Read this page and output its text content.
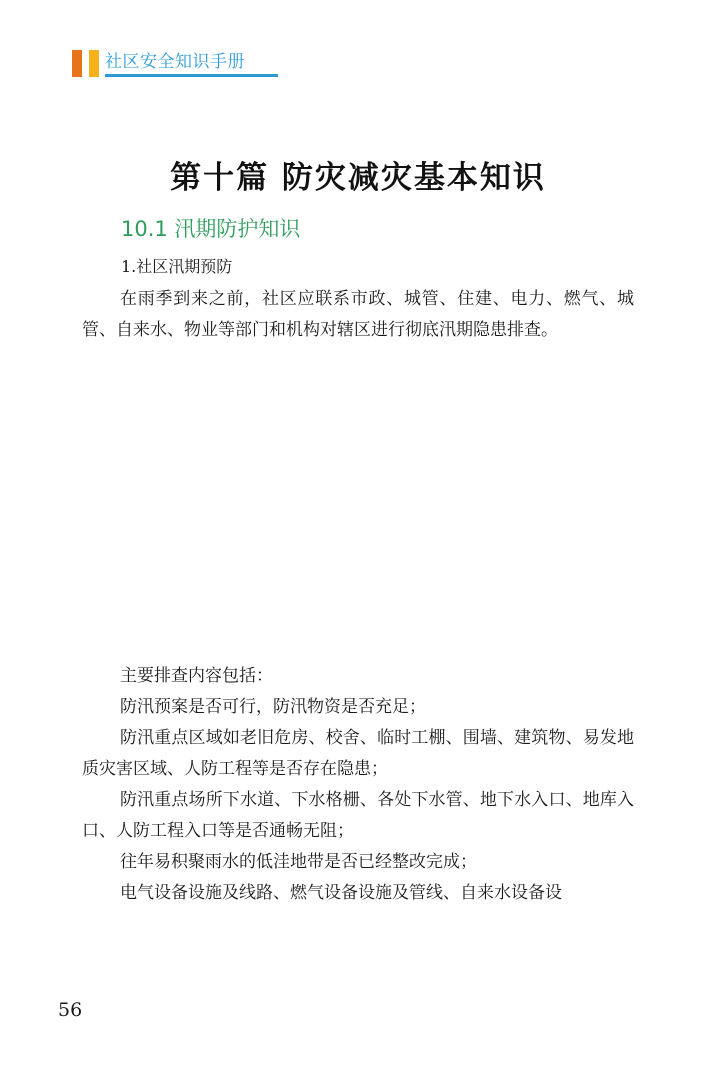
社区安全知识手册
第十篇 防灾减灾基本知识
10.1 汛期防护知识
1.社区汛期预防

在雨季到来之前，社区应联系市政、城管、住建、电力、燃气、城管、自来水、物业等部门和机构对辖区进行彻底汛期隐患排查。

主要排查内容包括：

防汛预案是否可行，防汛物资是否充足；

防汛重点区域如老旧危房、校舍、临时工棚、围墙、建筑物、易发地质灾害区域、人防工程等是否存在隐患；

防汛重点场所下水道、下水格栅、各处下水管、地下水入口、地库入口、人防工程入口等是否通畅无阻；

往年易积聚雨水的低洼地带是否已经整改完成；

电气设备设施及线路、燃气设备设施及管线、自来水设备设

56
